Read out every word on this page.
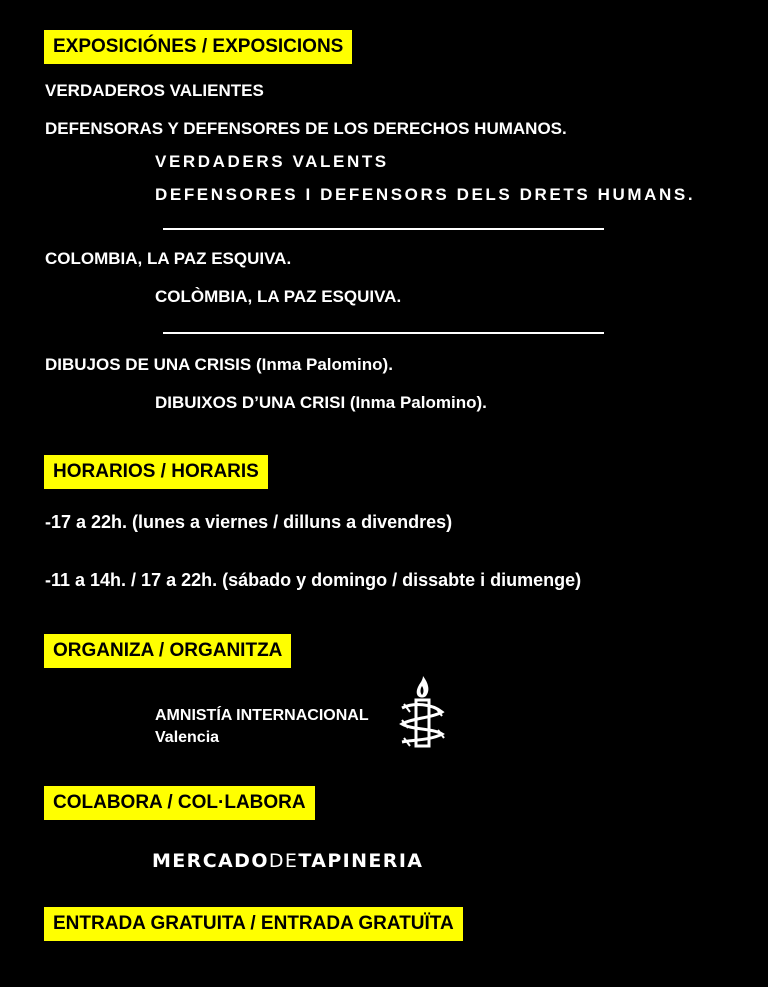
EXPOSICIÓNES / EXPOSICIONS
VERDADEROS VALIENTES
DEFENSORAS Y DEFENSORES DE LOS DERECHOS HUMANOS.
VERDADERS VALENTS
DEFENSORES I DEFENSORS DELS DRETS HUMANS.
COLOMBIA, LA PAZ ESQUIVA.
COLÒMBIA, LA PAZ ESQUIVA.
DIBUJOS DE UNA CRISIS (Inma Palomino).
DIBUIXOS D’UNA CRISI (Inma Palomino).
HORARIOS / HORARIS
-17 a 22h. (lunes a viernes / dilluns a divendres)
-11 a 14h. / 17 a 22h. (sábado y domingo / dissabte i diumenge)
ORGANIZA / ORGANITZA
AMNISTÍA INTERNACIONAL
Valencia
COLABORA / COL·LABORA
MERCADODETAPINERIA
ENTRADA GRATUITA / ENTRADA GRATUÏTA
